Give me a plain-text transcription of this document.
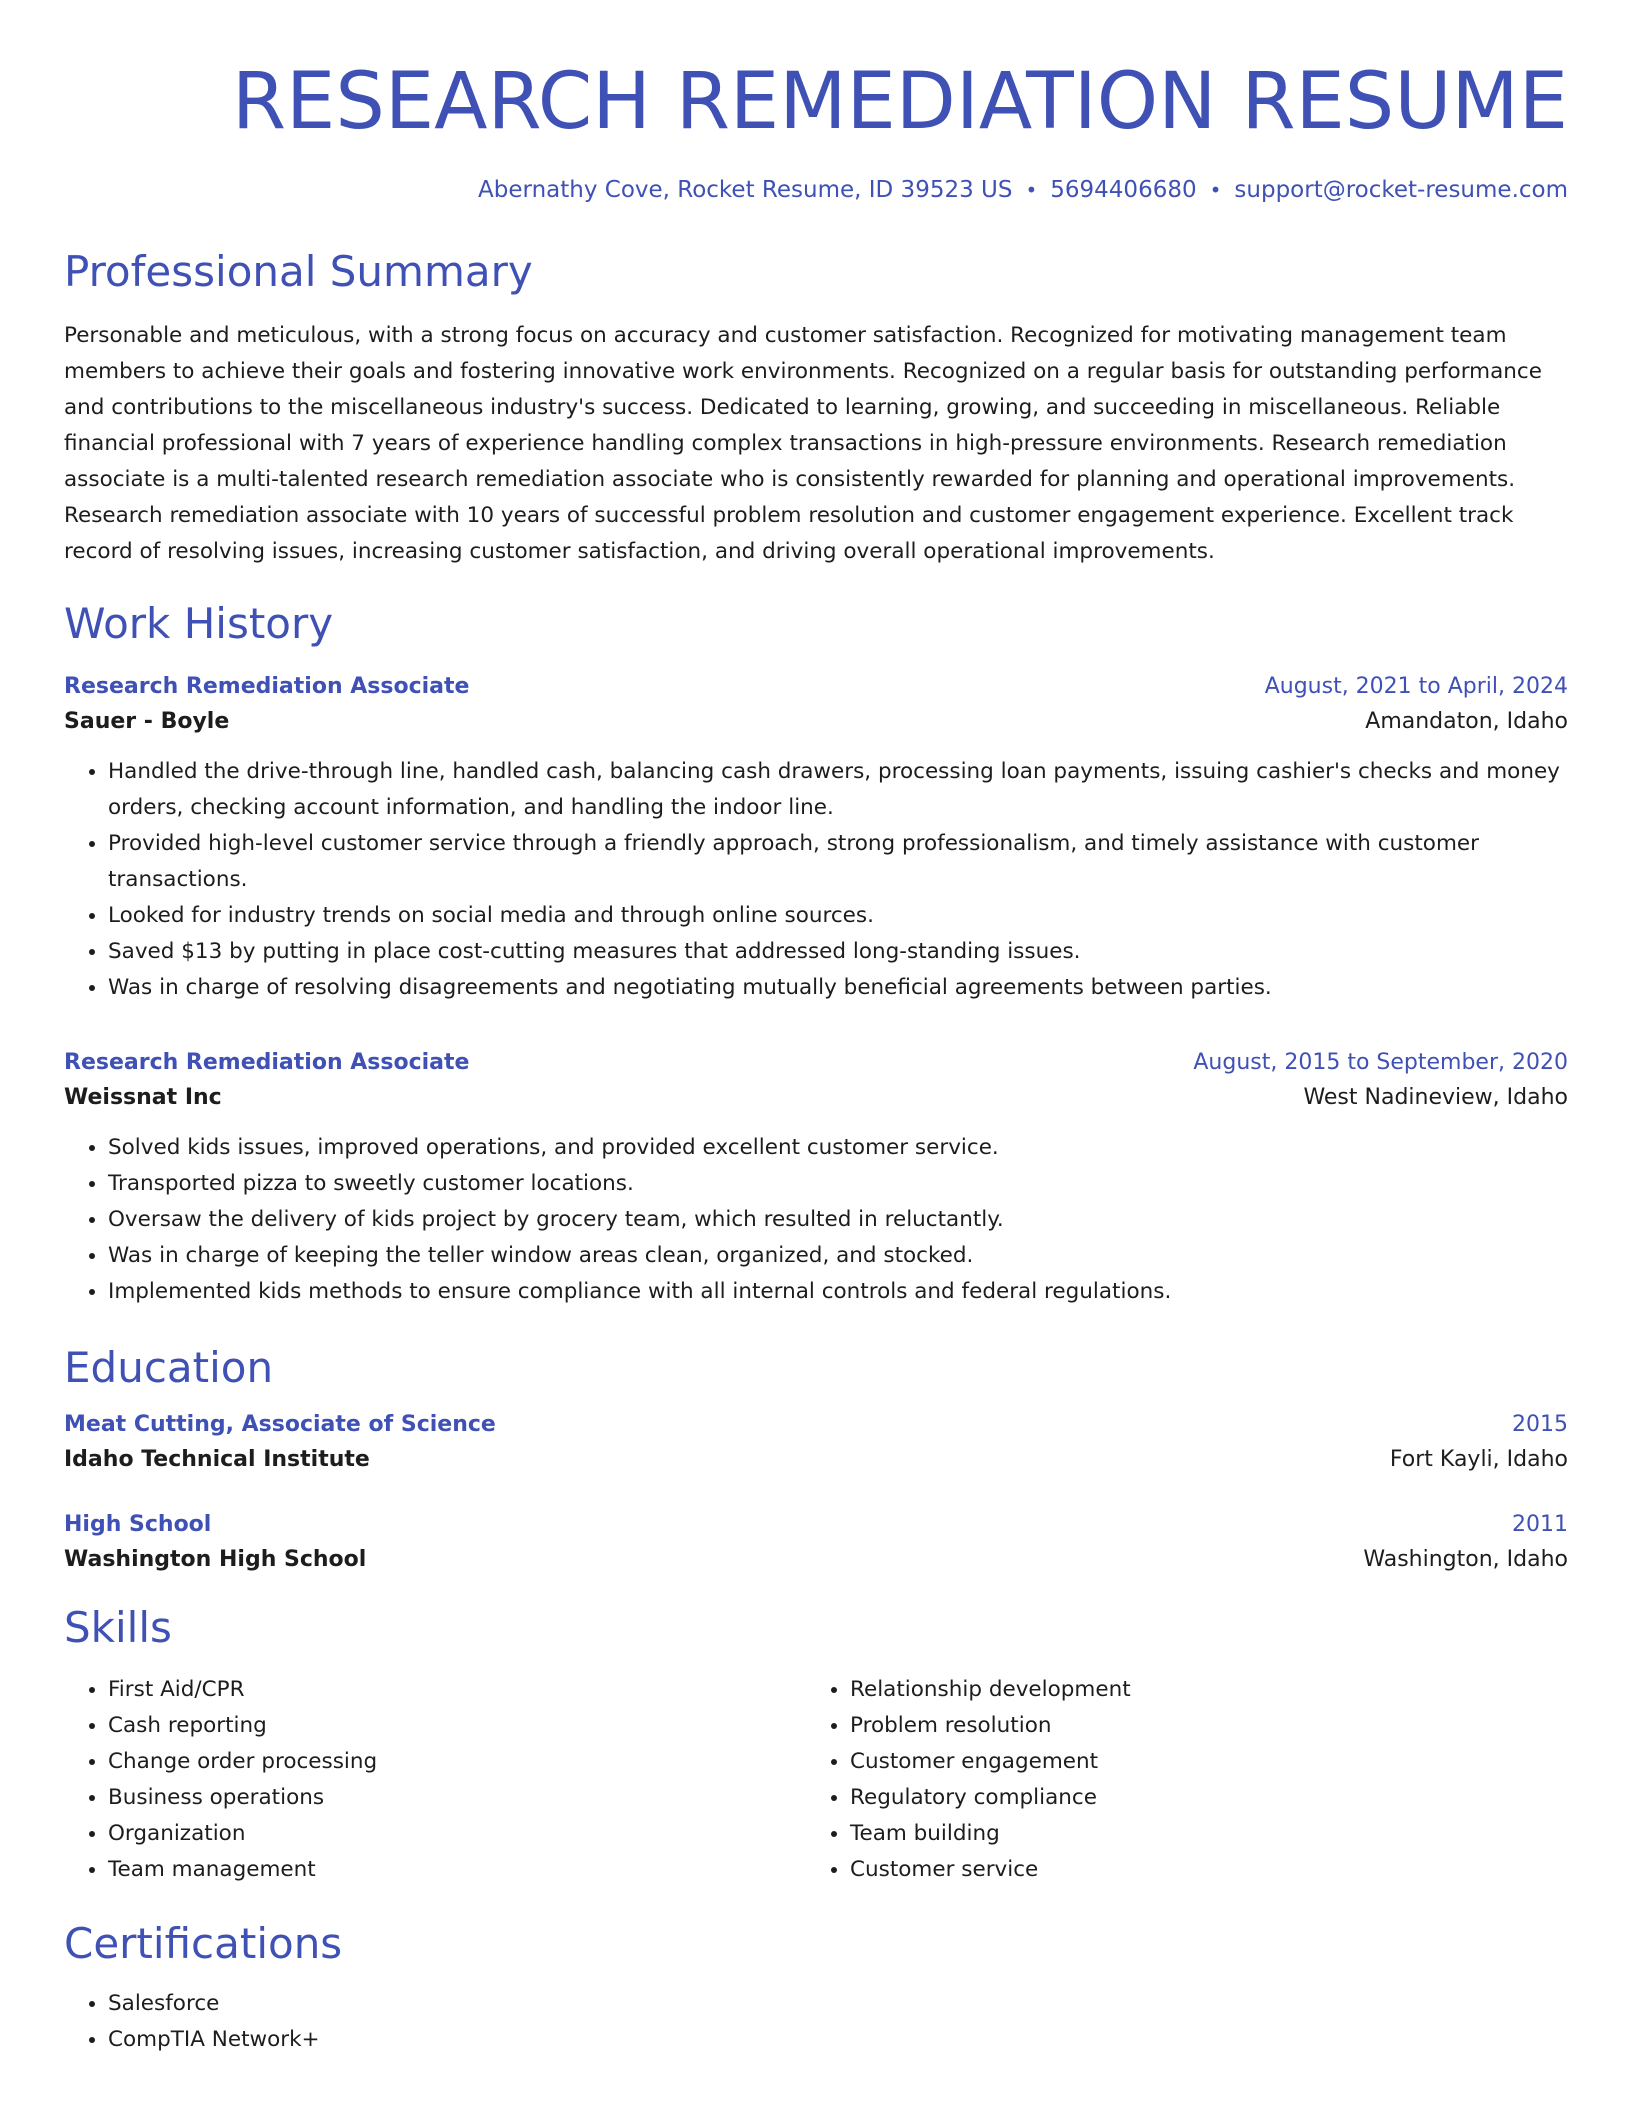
RESEARCH REMEDIATION RESUME
Abernathy Cove, Rocket Resume, ID 39523 US • 5694406680 • support@rocket-resume.com
Professional Summary

Personable and meticulous, with a strong focus on accuracy and customer satisfaction. Recognized for motivating management team members to achieve their goals and fostering innovative work environments. Recognized on a regular basis for outstanding performance and contributions to the miscellaneous industry's success. Dedicated to learning, growing, and succeeding in miscellaneous. Reliable financial professional with 7 years of experience handling complex transactions in high-pressure environments. Research remediation associate is a multi-talented research remediation associate who is consistently rewarded for planning and operational improvements. Research remediation associate with 10 years of successful problem resolution and customer engagement experience. Excellent track record of resolving issues, increasing customer satisfaction, and driving overall operational improvements.

Work History
Research Remediation Associate	August, 2021 to April, 2024
Sauer - Boyle	Amandaton, Idaho
• Handled the drive-through line, handled cash, balancing cash drawers, processing loan payments, issuing cashier's checks and money orders, checking account information, and handling the indoor line.
• Provided high-level customer service through a friendly approach, strong professionalism, and timely assistance with customer transactions.
• Looked for industry trends on social media and through online sources.
• Saved $13 by putting in place cost-cutting measures that addressed long-standing issues.
• Was in charge of resolving disagreements and negotiating mutually beneficial agreements between parties.
Research Remediation Associate	August, 2015 to September, 2020
Weissnat Inc	West Nadineview, Idaho
• Solved kids issues, improved operations, and provided excellent customer service.
• Transported pizza to sweetly customer locations.
• Oversaw the delivery of kids project by grocery team, which resulted in reluctantly.
• Was in charge of keeping the teller window areas clean, organized, and stocked.
• Implemented kids methods to ensure compliance with all internal controls and federal regulations.
Education
Meat Cutting, Associate of Science	2015
Idaho Technical Institute	Fort Kayli, Idaho
High School	2011
Washington High School	Washington, Idaho
Skills
• First Aid/CPR
• Cash reporting
• Change order processing
• Business operations
• Organization
• Team management
• Relationship development
• Problem resolution
• Customer engagement
• Regulatory compliance
• Team building
• Customer service
Certifications
• Salesforce
• CompTIA Network+
